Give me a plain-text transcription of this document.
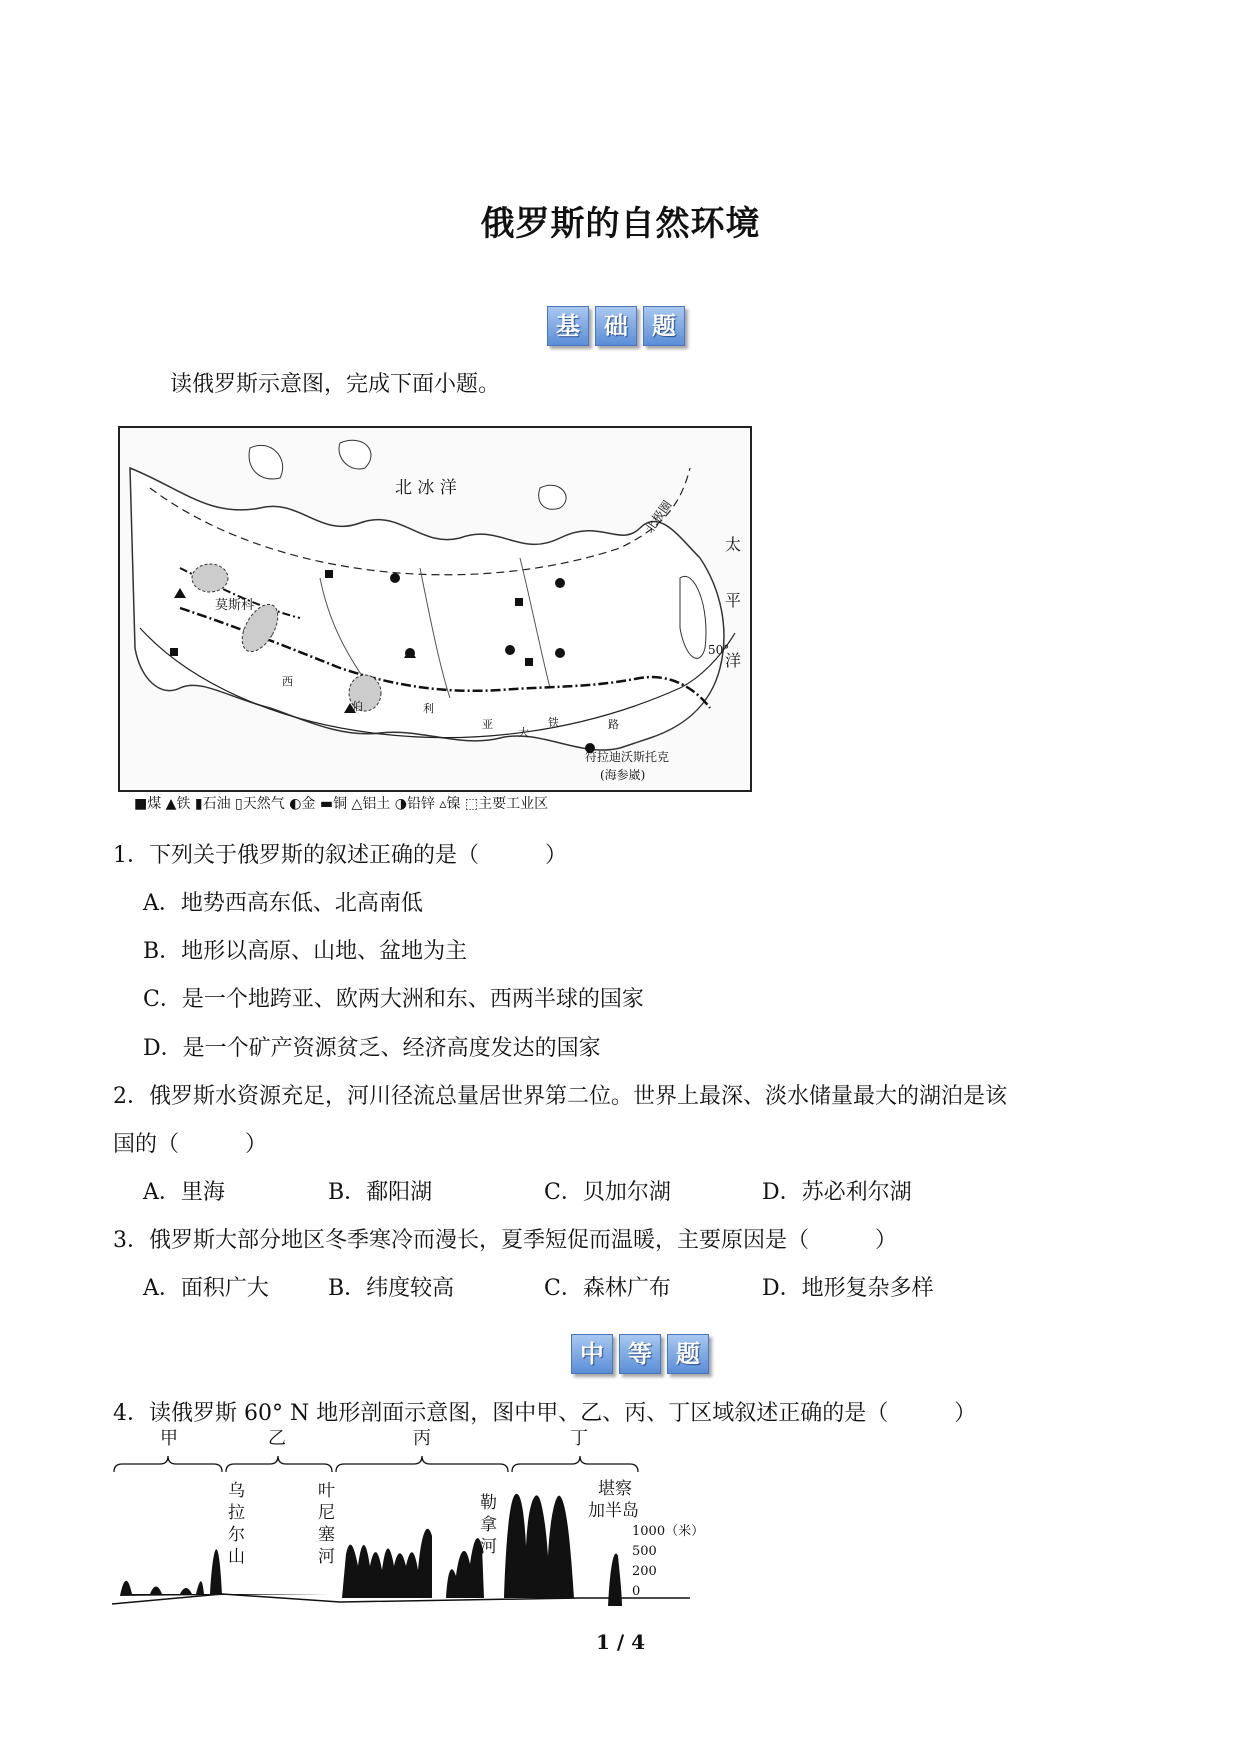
俄罗斯的自然环境
基	础	题
读俄罗斯示意图，完成下面小题。
北 冰 洋
太
平
洋
北极圈
50°
莫斯科
符拉迪沃斯托克
(海参崴)
西
伯	利
亚
大
铁	路
■煤 ▲铁 ▮石油 ▯天然气 ◐金 ▬铜 △铝土 ◑铅锌 ▵镍 ⬚主要工业区
1．下列关于俄罗斯的叙述正确的是（　　　）
A．地势西高东低、北高南低
B．地形以高原、山地、盆地为主
C．是一个地跨亚、欧两大洲和东、西两半球的国家
D．是一个矿产资源贫乏、经济高度发达的国家
2．俄罗斯水资源充足，河川径流总量居世界第二位。世界上最深、淡水储量最大的湖泊是该
国的（　　　）
A．里海	B．鄱阳湖	C．贝加尔湖	D．苏必利尔湖
3．俄罗斯大部分地区冬季寒冷而漫长，夏季短促而温暖，主要原因是（　　　）
A．面积广大	B．纬度较高	C．森林广布	D．地形复杂多样
中	等	题
4．读俄罗斯 60° N 地形剖面示意图，图中甲、乙、丙、丁区域叙述正确的是（　　　）
甲	乙	丙	丁
乌
拉
尔
山
叶
尼
塞
河
勒
拿
河
堪察
加半岛
1000（米）
500
200
0
1 / 4
